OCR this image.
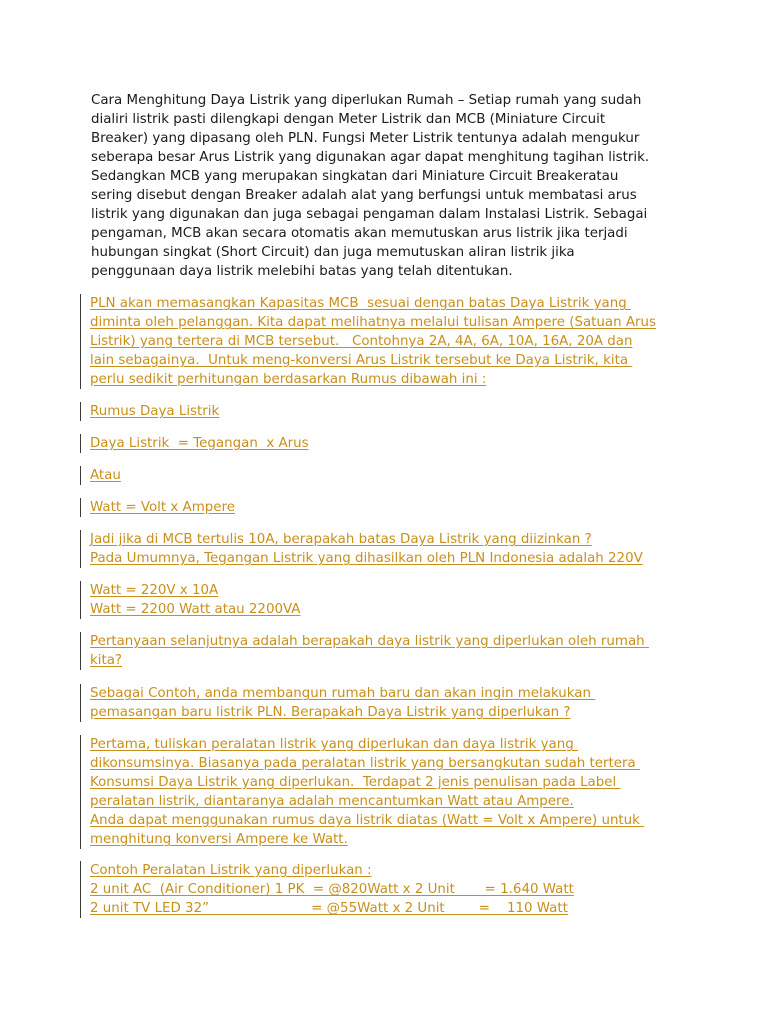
Cara Menghitung Daya Listrik yang diperlukan Rumah – Setiap rumah yang sudah
dialiri listrik pasti dilengkapi dengan Meter Listrik dan MCB (Miniature Circuit
Breaker) yang dipasang oleh PLN. Fungsi Meter Listrik tentunya adalah mengukur
seberapa besar Arus Listrik yang digunakan agar dapat menghitung tagihan listrik.
Sedangkan MCB yang merupakan singkatan dari Miniature Circuit Breakeratau
sering disebut dengan Breaker adalah alat yang berfungsi untuk membatasi arus
listrik yang digunakan dan juga sebagai pengaman dalam Instalasi Listrik. Sebagai
pengaman, MCB akan secara otomatis akan memutuskan arus listrik jika terjadi
hubungan singkat (Short Circuit) dan juga memutuskan aliran listrik jika
penggunaan daya listrik melebihi batas yang telah ditentukan.
PLN akan memasangkan Kapasitas MCB  sesuai dengan batas Daya Listrik yang
diminta oleh pelanggan. Kita dapat melihatnya melalui tulisan Ampere (Satuan Arus
Listrik) yang tertera di MCB tersebut.   Contohnya 2A, 4A, 6A, 10A, 16A, 20A dan
lain sebagainya.  Untuk meng-konversi Arus Listrik tersebut ke Daya Listrik, kita
perlu sedikit perhitungan berdasarkan Rumus dibawah ini :
Rumus Daya Listrik
Daya Listrik  = Tegangan  x Arus
Atau
Watt = Volt x Ampere
Jadi jika di MCB tertulis 10A, berapakah batas Daya Listrik yang diizinkan ?
Pada Umumnya, Tegangan Listrik yang dihasilkan oleh PLN Indonesia adalah 220V
Watt = 220V x 10A
Watt = 2200 Watt atau 2200VA
Pertanyaan selanjutnya adalah berapakah daya listrik yang diperlukan oleh rumah
kita?
Sebagai Contoh, anda membangun rumah baru dan akan ingin melakukan
pemasangan baru listrik PLN. Berapakah Daya Listrik yang diperlukan ?
Pertama, tuliskan peralatan listrik yang diperlukan dan daya listrik yang
dikonsumsinya. Biasanya pada peralatan listrik yang bersangkutan sudah tertera
Konsumsi Daya Listrik yang diperlukan.  Terdapat 2 jenis penulisan pada Label
peralatan listrik, diantaranya adalah mencantumkan Watt atau Ampere.
Anda dapat menggunakan rumus daya listrik diatas (Watt = Volt x Ampere) untuk
menghitung konversi Ampere ke Watt.
Contoh Peralatan Listrik yang diperlukan :
2 unit AC  (Air Conditioner) 1 PK  = @820Watt x 2 Unit       = 1.640 Watt
2 unit TV LED 32”                        = @55Watt x 2 Unit        =    110 Watt
